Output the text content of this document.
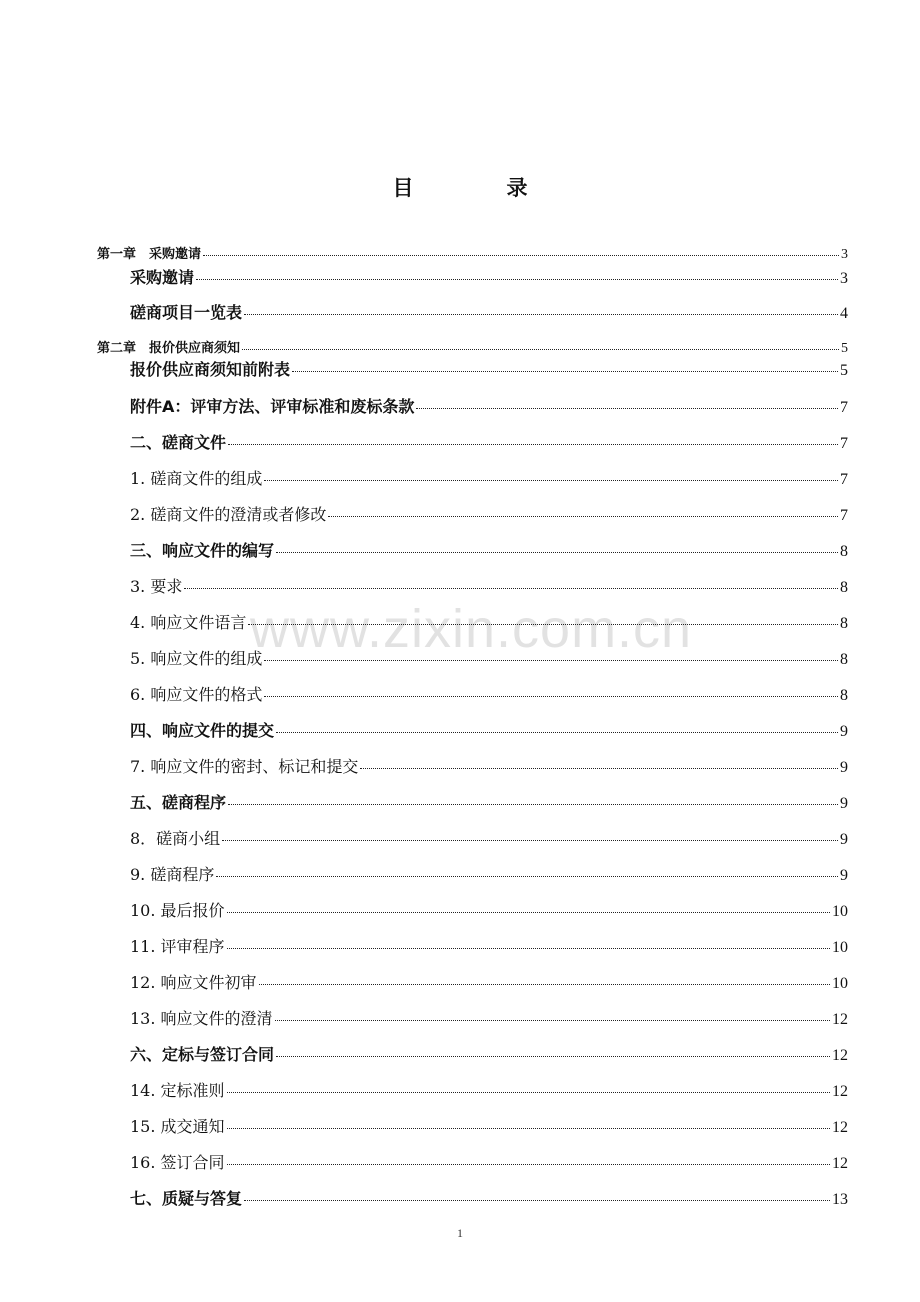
目　录
www.zixin.com.cn
第一章　采购邀请	3
采购邀请	3
磋商项目一览表	4
第二章　报价供应商须知	5
报价供应商须知前附表	5
附件A：评审方法、评审标准和废标条款	7
二、磋商文件	7
1. 磋商文件的组成	7
2. 磋商文件的澄清或者修改	7
三、响应文件的编写	8
3. 要求	8
4. 响应文件语言	8
5. 响应文件的组成	8
6. 响应文件的格式	8
四、响应文件的提交	9
7. 响应文件的密封、标记和提交	9
五、磋商程序	9
8．磋商小组	9
9. 磋商程序	9
10. 最后报价	10
11. 评审程序	10
12. 响应文件初审	10
13. 响应文件的澄清	12
六、定标与签订合同	12
14. 定标准则	12
15. 成交通知	12
16. 签订合同	12
七、质疑与答复	13
1
